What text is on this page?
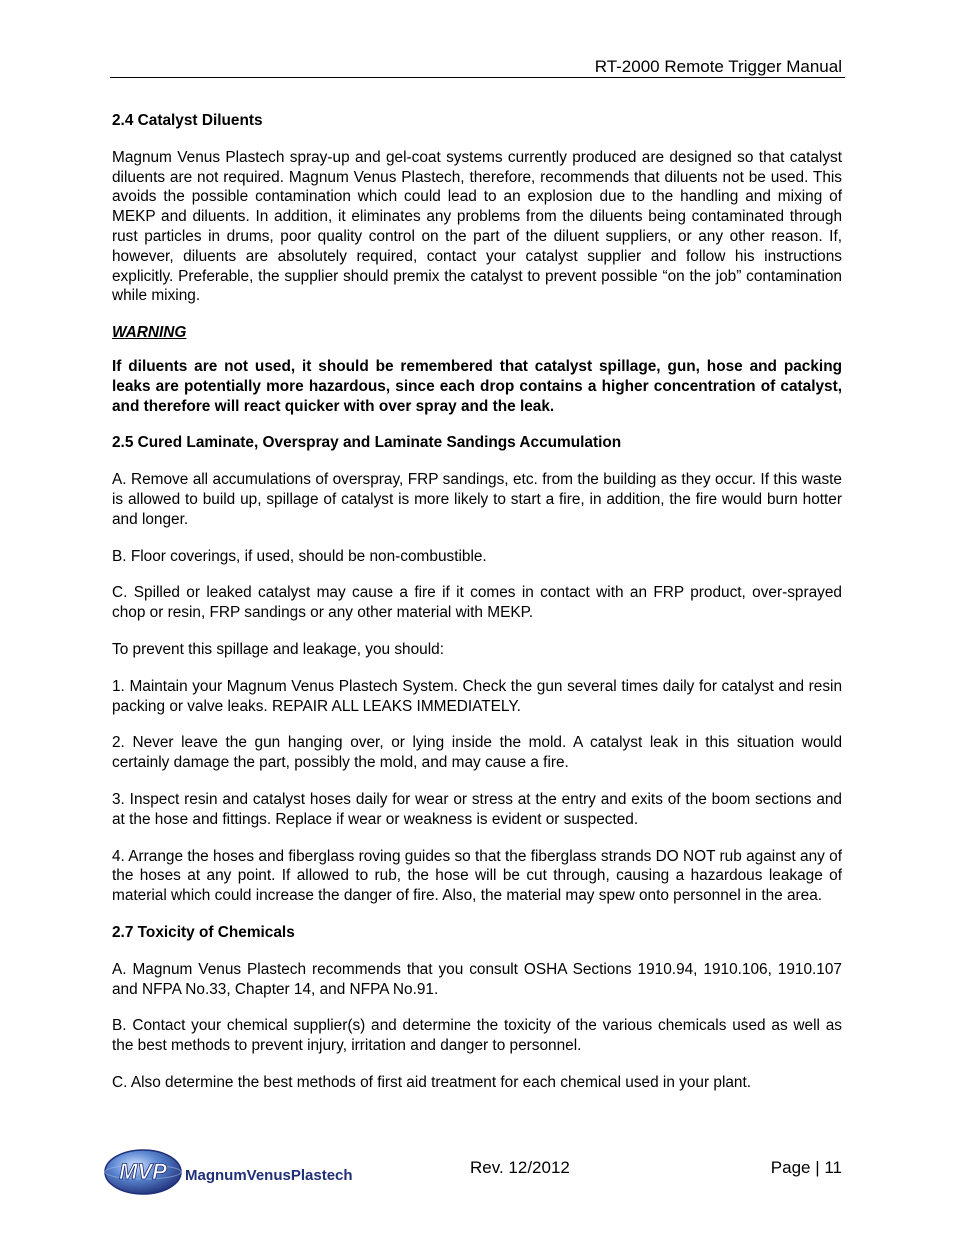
RT-2000 Remote Trigger Manual
2.4 Catalyst Diluents

Magnum Venus Plastech spray-up and gel-coat systems currently produced are designed so that catalyst diluents are not required. Magnum Venus Plastech, therefore, recommends that diluents not be used. This avoids the possible contamination which could lead to an explosion due to the handling and mixing of MEKP and diluents. In addition, it eliminates any problems from the diluents being contaminated through rust particles in drums, poor quality control on the part of the diluent suppliers, or any other reason. If, however, diluents are absolutely required, contact your catalyst supplier and follow his instructions explicitly. Preferable, the supplier should premix the catalyst to prevent possible “on the job” contamination while mixing.

WARNING

If diluents are not used, it should be remembered that catalyst spillage, gun, hose and packing leaks are potentially more hazardous, since each drop contains a higher concentration of catalyst, and therefore will react quicker with over spray and the leak.

2.5 Cured Laminate, Overspray and Laminate Sandings Accumulation

A. Remove all accumulations of overspray, FRP sandings, etc. from the building as they occur. If this waste is allowed to build up, spillage of catalyst is more likely to start a fire, in addition, the fire would burn hotter and longer.

B. Floor coverings, if used, should be non-combustible.

C. Spilled or leaked catalyst may cause a fire if it comes in contact with an FRP product, over-sprayed chop or resin, FRP sandings or any other material with MEKP.

To prevent this spillage and leakage, you should:

1. Maintain your Magnum Venus Plastech System. Check the gun several times daily for catalyst and resin packing or valve leaks. REPAIR ALL LEAKS IMMEDIATELY.

2. Never leave the gun hanging over, or lying inside the mold. A catalyst leak in this situation would certainly damage the part, possibly the mold, and may cause a fire.

3. Inspect resin and catalyst hoses daily for wear or stress at the entry and exits of the boom sections and at the hose and fittings. Replace if wear or weakness is evident or suspected.

4. Arrange the hoses and fiberglass roving guides so that the fiberglass strands DO NOT rub against any of the hoses at any point. If allowed to rub, the hose will be cut through, causing a hazardous leakage of material which could increase the danger of fire. Also, the material may spew onto personnel in the area.

2.7 Toxicity of Chemicals

A. Magnum Venus Plastech recommends that you consult OSHA Sections 1910.94, 1910.106, 1910.107 and NFPA No.33, Chapter 14, and NFPA No.91.

B. Contact your chemical supplier(s) and determine the toxicity of the various chemicals used as well as the best methods to prevent injury, irritation and danger to personnel.

C. Also determine the best methods of first aid treatment for each chemical used in your plant.

MVP MagnumVenusPlastech	Rev. 12/2012	Page | 11
